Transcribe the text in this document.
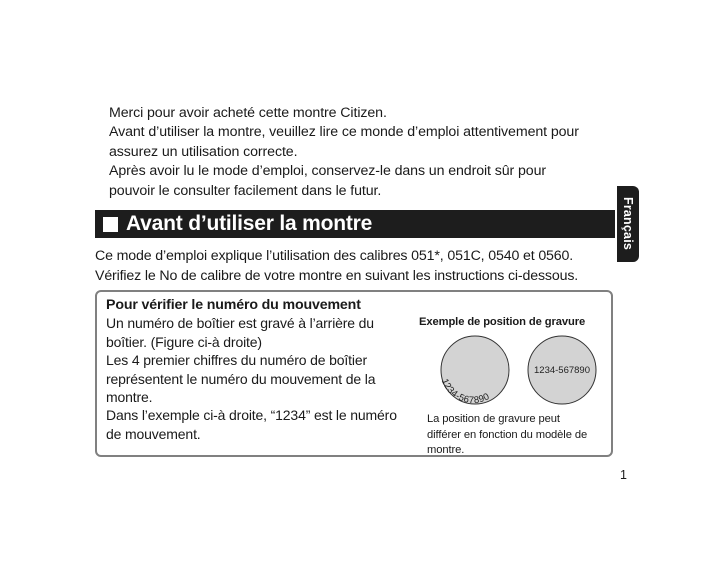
Merci pour avoir acheté cette montre Citizen.

Avant d’utiliser la montre, veuillez lire ce monde d’emploi attentivement pour

assurez un utilisation correcte.

Après avoir lu le mode d’emploi, conservez-le dans un endroit sûr pour

pouvoir le consulter facilement dans le futur.

Français
Avant d’utiliser la montre

Ce mode d’emploi explique l’utilisation des calibres 051*, 051C, 0540 et 0560.

Vérifiez le No de calibre de votre montre en suivant les instructions ci-dessous.

Pour vérifier le numéro du mouvement

Un numéro de boîtier est gravé à l’arrière du

boîtier. (Figure ci-à droite)

Les 4 premier chiffres du numéro de boîtier

représentent le numéro du mouvement de la

montre.

Dans l’exemple ci-à droite, “1234” est le numéro

de mouvement.

Exemple de position de gravure
1234-567890
1234-567890
La position de gravure peut
différer en fonction du modèle de
montre.
1
